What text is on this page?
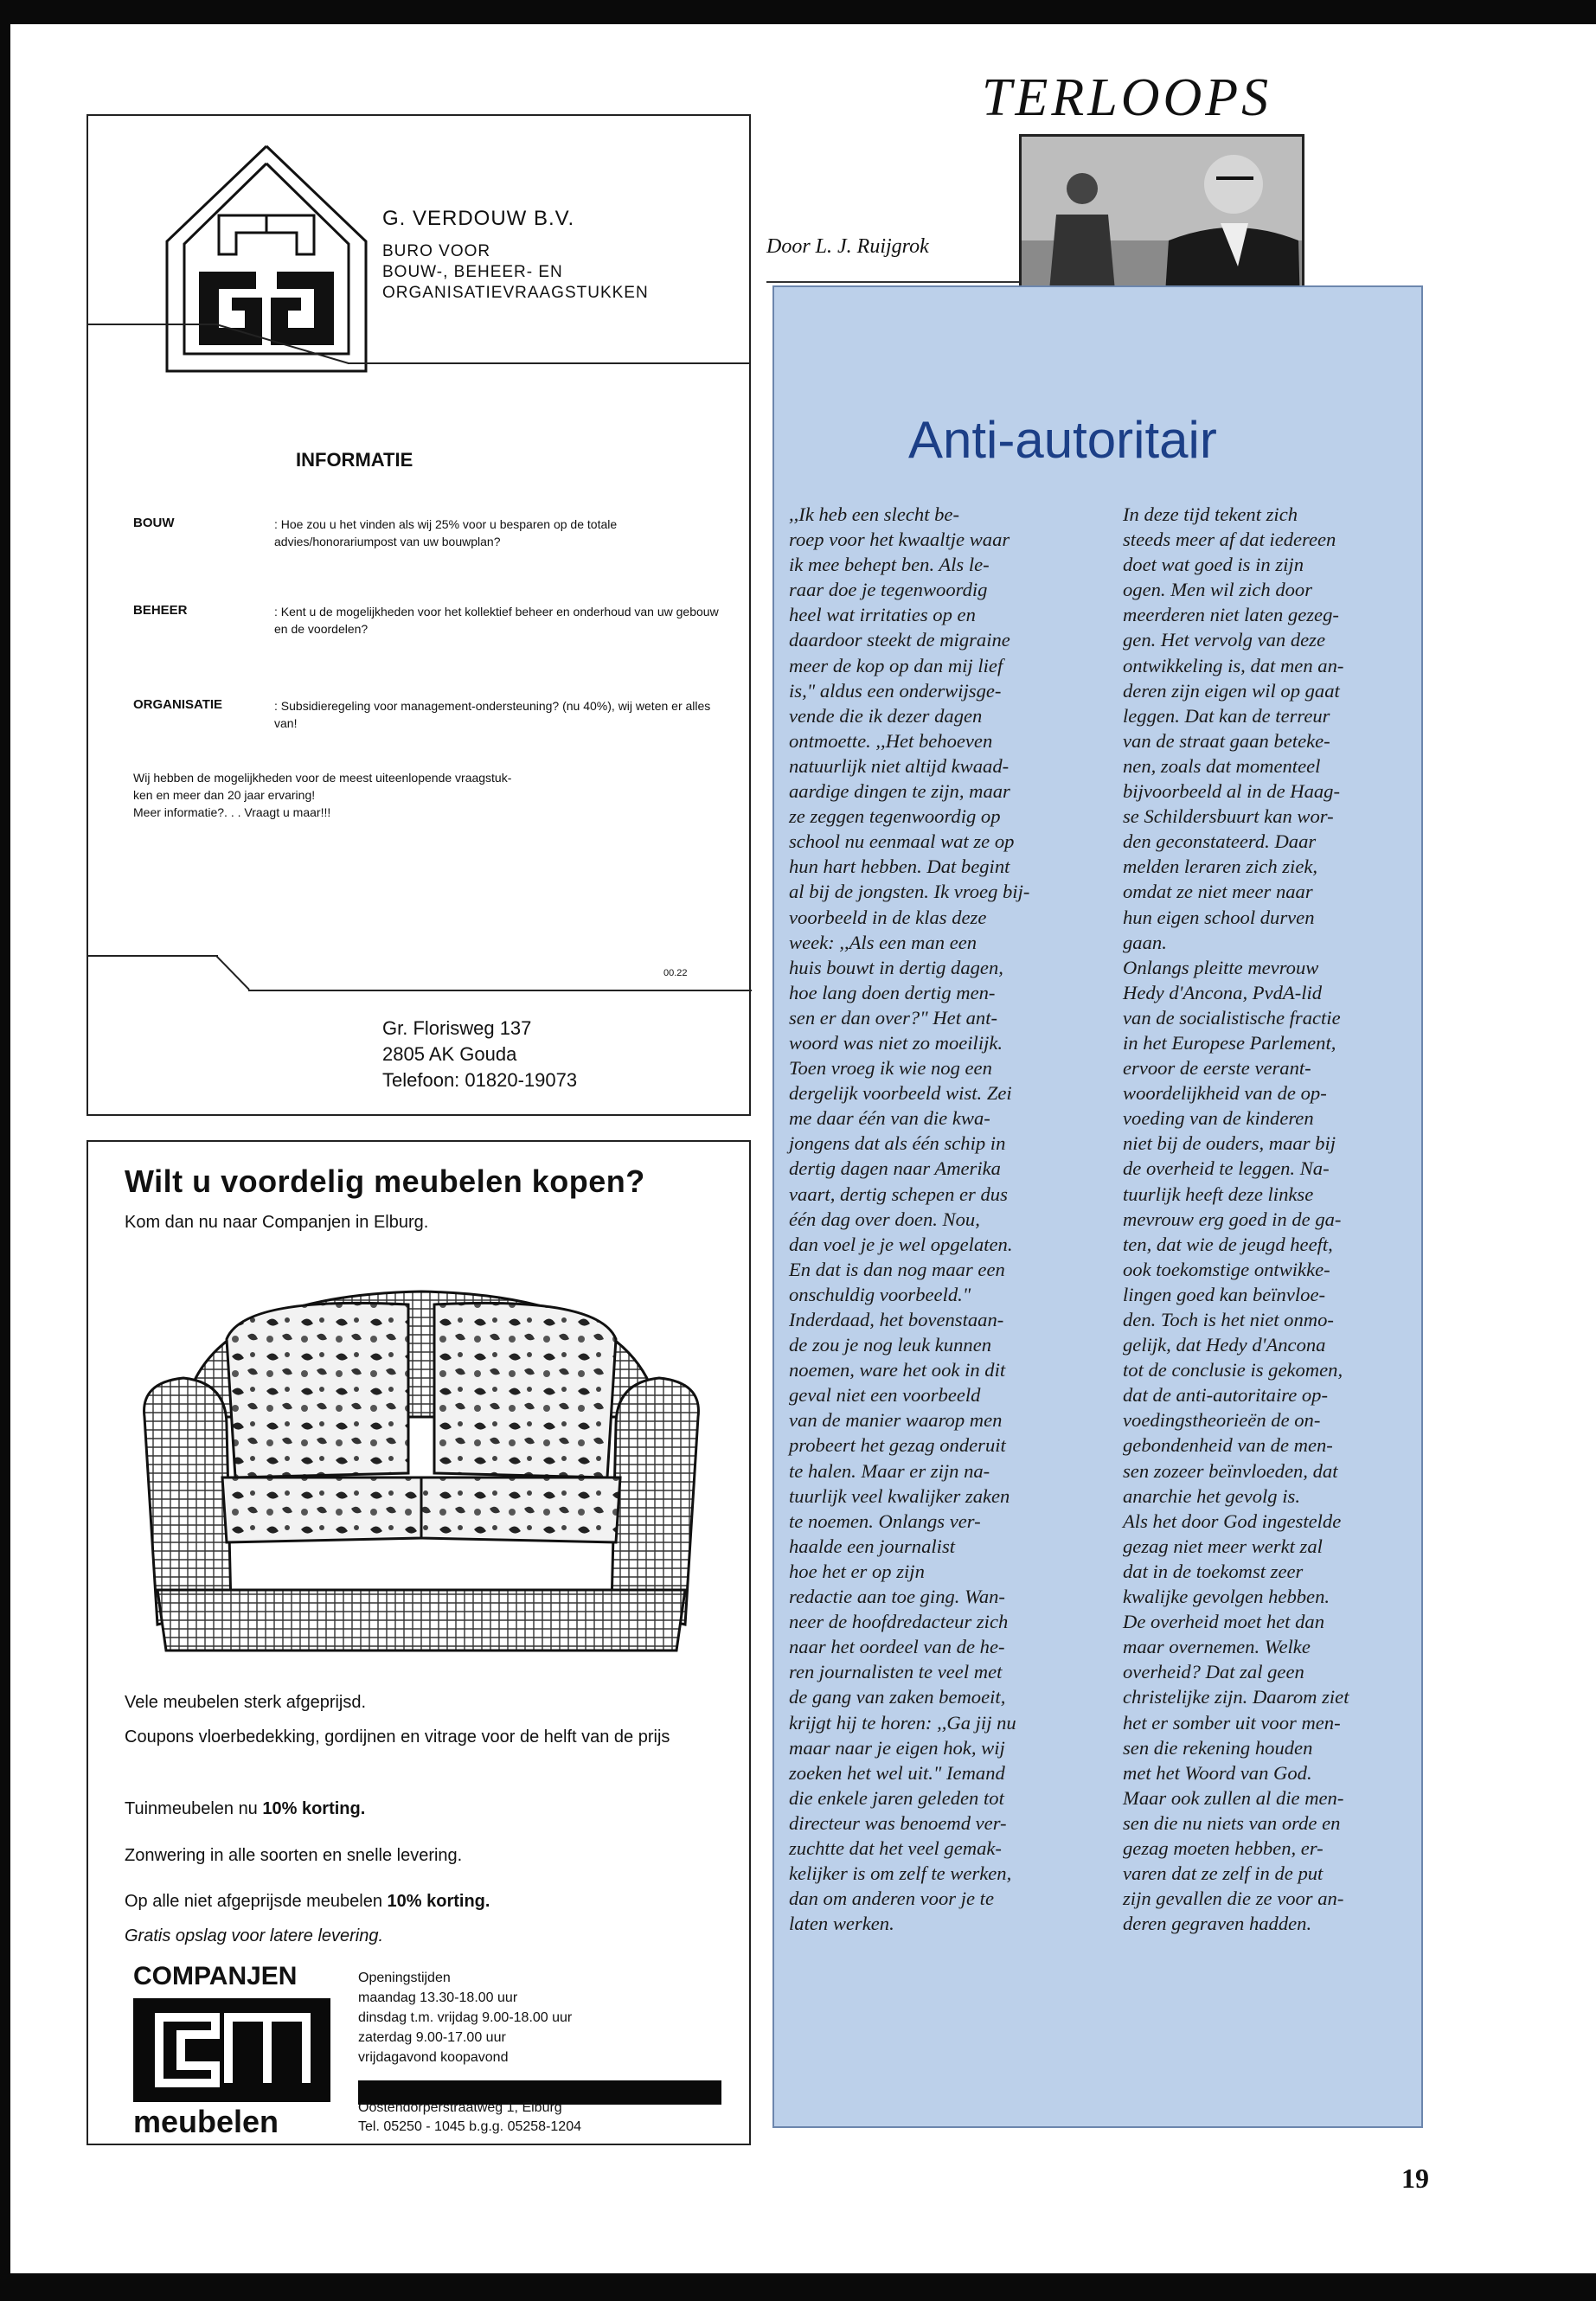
G. VERDOUW B.V.
BURO VOOR
BOUW-, BEHEER- EN
ORGANISATIEVRAAGSTUKKEN
INFORMATIE
BOUW	: Hoe zou u het vinden als wij 25% voor u besparen op de totale advies/honorariumpost van uw bouwplan?
BEHEER	: Kent u de mogelijkheden voor het kollektief beheer en onderhoud van uw gebouw en de voordelen?
ORGANISATIE	: Subsidieregeling voor management-ondersteuning? (nu 40%), wij weten er alles van!
Wij hebben de mogelijkheden voor de meest uiteenlopende vraagstuk-
ken en meer dan 20 jaar ervaring!
Meer informatie?. . . Vraagt u maar!!!
00.22
Gr. Florisweg 137
2805 AK Gouda
Telefoon: 01820-19073
Wilt u voordelig meubelen kopen?
Kom dan nu naar Companjen in Elburg.
Vele meubelen sterk afgeprijsd.
Coupons vloerbedekking, gordijnen en vitrage voor de helft van de prijs
Tuinmeubelen nu 10% korting.
Zonwering in alle soorten en snelle levering.
Op alle niet afgeprijsde meubelen 10% korting.
Gratis opslag voor latere levering.
COMPANJEN
meubelen
Openingstijden
maandag 13.30-18.00 uur
dinsdag t.m. vrijdag 9.00-18.00 uur
zaterdag 9.00-17.00 uur
vrijdagavond koopavond
Oostendorperstraatweg 1, Elburg
Tel. 05250 - 1045 b.g.g. 05258-1204
TERLOOPS
Door L. J. Ruijgrok
Anti-autoritair
,,Ik heb een slecht be-
roep voor het kwaaltje waar
ik mee behept ben. Als le-
raar doe je tegenwoordig
heel wat irritaties op en
daardoor steekt de migraine
meer de kop op dan mij lief
is," aldus een onderwijsge-
vende die ik dezer dagen
ontmoette. ,,Het behoeven
natuurlijk niet altijd kwaad-
aardige dingen te zijn, maar
ze zeggen tegenwoordig op
school nu eenmaal wat ze op
hun hart hebben. Dat begint
al bij de jongsten. Ik vroeg bij-
voorbeeld in de klas deze
week: ,,Als een man een
huis bouwt in dertig dagen,
hoe lang doen dertig men-
sen er dan over?" Het ant-
woord was niet zo moeilijk.
Toen vroeg ik wie nog een
dergelijk voorbeeld wist. Zei
me daar één van die kwa-
jongens dat als één schip in
dertig dagen naar Amerika
vaart, dertig schepen er dus
één dag over doen. Nou,
dan voel je je wel opgelaten.
En dat is dan nog maar een
onschuldig voorbeeld."
Inderdaad, het bovenstaan-
de zou je nog leuk kunnen
noemen, ware het ook in dit
geval niet een voorbeeld
van de manier waarop men
probeert het gezag onderuit
te halen. Maar er zijn na-
tuurlijk veel kwalijker zaken
te noemen. Onlangs ver-
haalde een journalist
hoe het er op zijn
redactie aan toe ging. Wan-
neer de hoofdredacteur zich
naar het oordeel van de he-
ren journalisten te veel met
de gang van zaken bemoeit,
krijgt hij te horen: ,,Ga jij nu
maar naar je eigen hok, wij
zoeken het wel uit." Iemand
die enkele jaren geleden tot
directeur was benoemd ver-
zuchtte dat het veel gemak-
kelijker is om zelf te werken,
dan om anderen voor je te
laten werken.
In deze tijd tekent zich
steeds meer af dat iedereen
doet wat goed is in zijn
ogen. Men wil zich door
meerderen niet laten gezeg-
gen. Het vervolg van deze
ontwikkeling is, dat men an-
deren zijn eigen wil op gaat
leggen. Dat kan de terreur
van de straat gaan beteke-
nen, zoals dat momenteel
bijvoorbeeld al in de Haag-
se Schildersbuurt kan wor-
den geconstateerd. Daar
melden leraren zich ziek,
omdat ze niet meer naar
hun eigen school durven
gaan.
Onlangs pleitte mevrouw
Hedy d'Ancona, PvdA-lid
van de socialistische fractie
in het Europese Parlement,
ervoor de eerste verant-
woordelijkheid van de op-
voeding van de kinderen
niet bij de ouders, maar bij
de overheid te leggen. Na-
tuurlijk heeft deze linkse
mevrouw erg goed in de ga-
ten, dat wie de jeugd heeft,
ook toekomstige ontwikke-
lingen goed kan beïnvloe-
den. Toch is het niet onmo-
gelijk, dat Hedy d'Ancona
tot de conclusie is gekomen,
dat de anti-autoritaire op-
voedingstheorieën de on-
gebondenheid van de men-
sen zozeer beïnvloeden, dat
anarchie het gevolg is.
Als het door God ingestelde
gezag niet meer werkt zal
dat in de toekomst zeer
kwalijke gevolgen hebben.
De overheid moet het dan
maar overnemen. Welke
overheid? Dat zal geen
christelijke zijn. Daarom ziet
het er somber uit voor men-
sen die rekening houden
met het Woord van God.
Maar ook zullen al die men-
sen die nu niets van orde en
gezag moeten hebben, er-
varen dat ze zelf in de put
zijn gevallen die ze voor an-
deren gegraven hadden.
19
